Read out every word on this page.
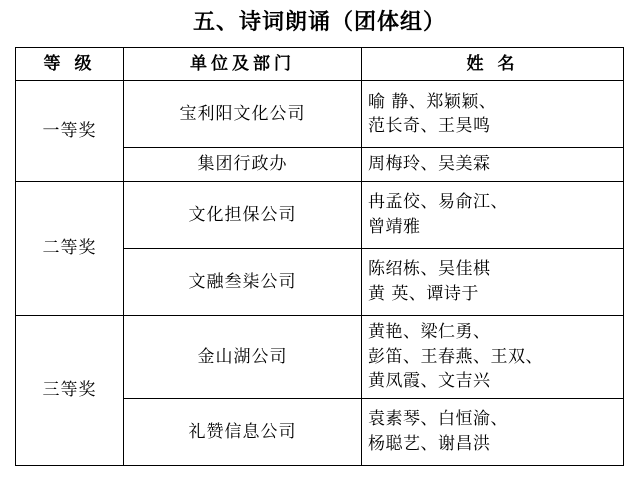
五、诗词朗诵（团体组）
等 级	单位及部门	姓 名
一等奖	宝利阳文化公司	喻 静、郑颖颖、
范长奇、王昊鸣

	集团行政办	周梅玲、吴美霖

二等奖	文化担保公司	冉孟佼、易俞江、
曾靖雅

	文融叁柒公司	陈绍栋、吴佳棋
黄 英、谭诗于

三等奖	金山湖公司	黄艳、梁仁勇、
彭笛、王春燕、王双、
黄凤霞、文吉兴

	礼赞信息公司	袁素琴、白恒渝、
杨聪艺、谢昌洪
